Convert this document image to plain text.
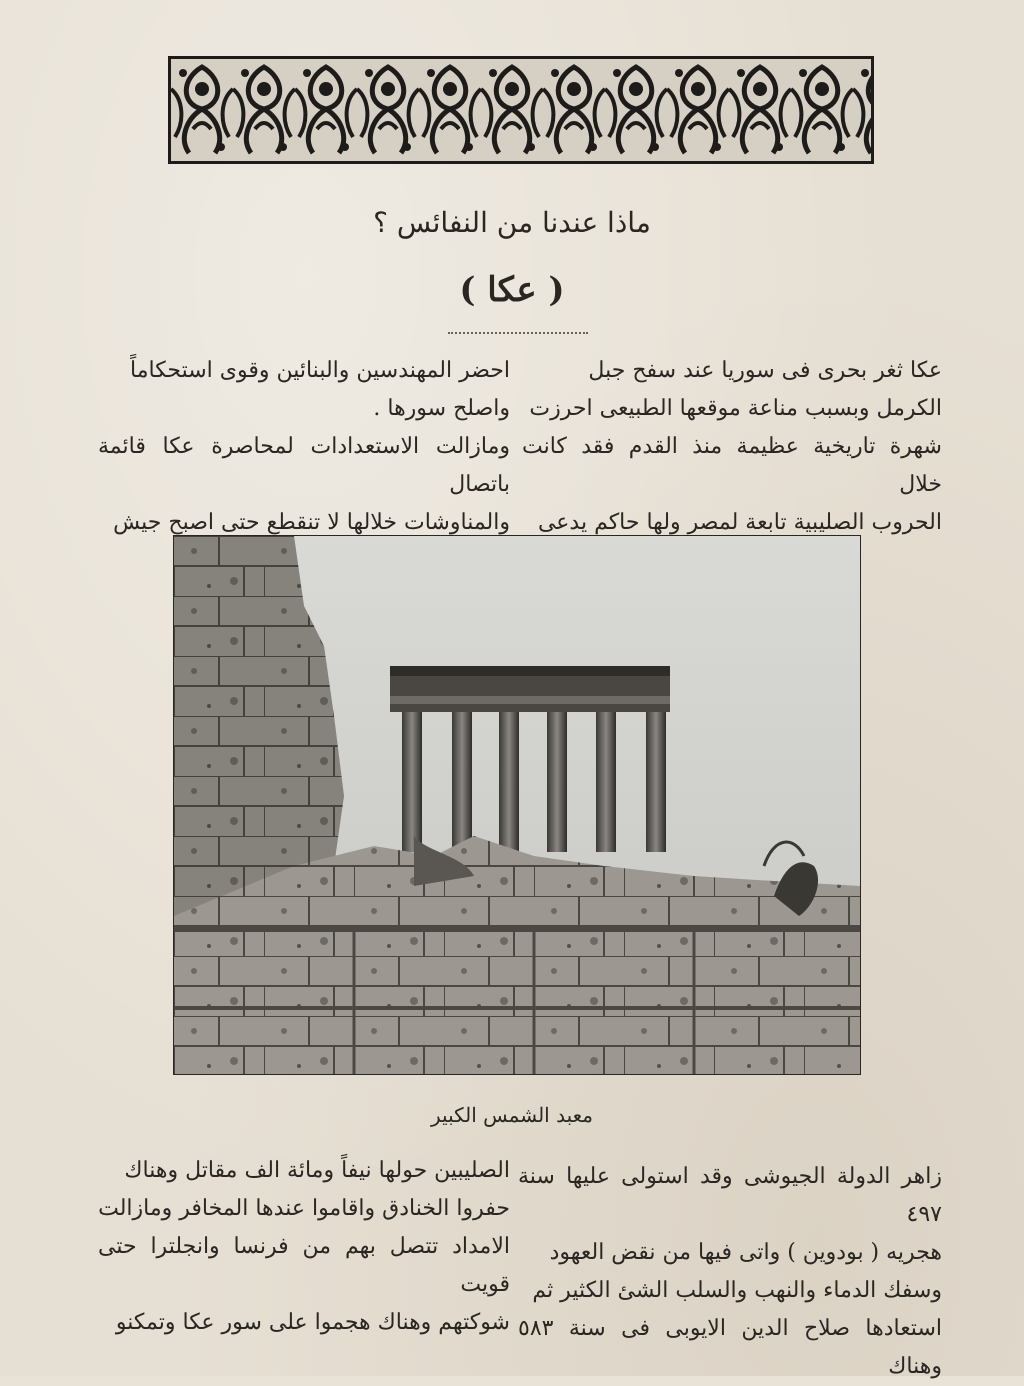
ماذا عندنا من النفائس ؟
( عكا )

عكا ثغر بحرى فى سوريا عند سفح جبل

الكرمل وبسبب مناعة موقعها الطبيعى احرزت

شهرة تاريخية عظيمة منذ القدم فقد كانت خلال

الحروب الصليبية تابعة لمصر ولها حاكم يدعى

احضر المهندسين والبنائين وقوى استحكاماً

واصلح سورها .

ومازالت الاستعدادات لمحاصرة عكا قائمة باتصال

والمناوشات خلالها لا تنقطع حتى اصبح جيش

معبد الشمس الكبير

زاهر الدولة الجيوشى وقد استولى عليها سنة ٤٩٧

هجريه ( بودوين ) واتى فيها من نقض العهود

وسفك الدماء والنهب والسلب الشئ الكثير ثم

استعادها صلاح الدين الايوبى فى سنة ٥٨٣ وهناك

الصليبين حولها نيفاً ومائة الف مقاتل وهناك

حفروا الخنادق واقاموا عندها المخافر ومازالت

الامداد تتصل بهم من فرنسا وانجلترا حتى قويت

شوكتهم وهناك هجموا على سور عكا وتمكنو
